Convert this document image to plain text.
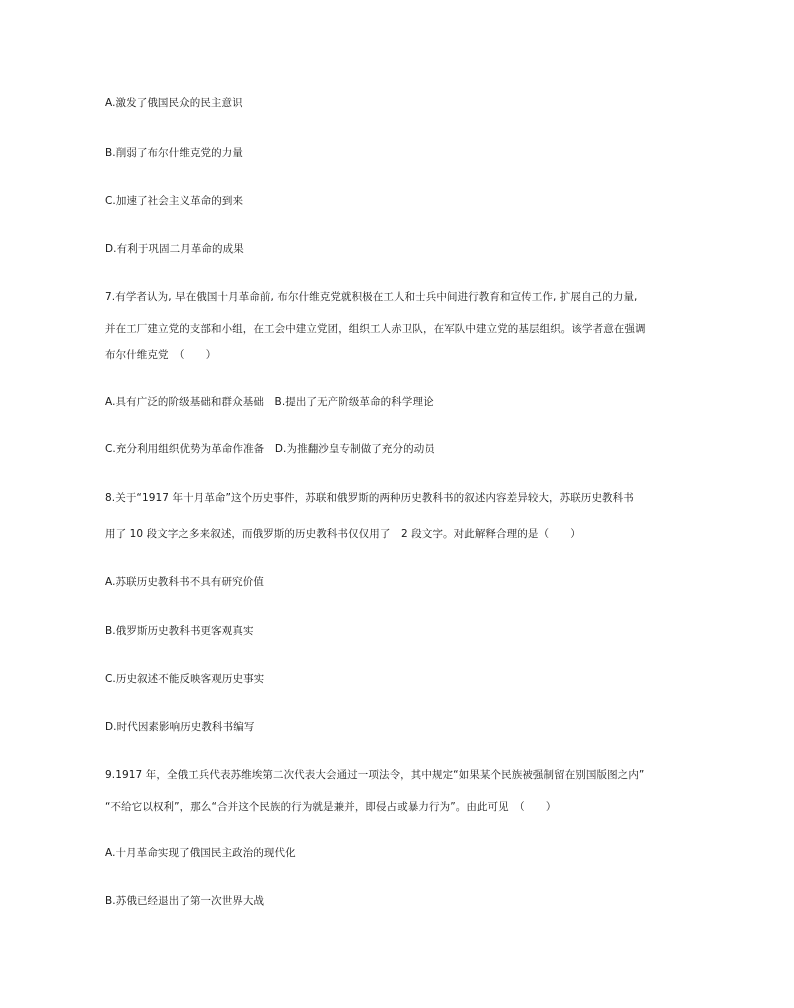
A.激发了俄国民众的民主意识
B.削弱了布尔什维克党的力量
C.加速了社会主义革命的到来
D.有利于巩固二月革命的成果
7.有学者认为, 早在俄国十月革命前, 布尔什维克党就积极在工人和士兵中间进行教育和宣传工作, 扩展自己的力量,
并在工厂建立党的支部和小组，在工会中建立党团，组织工人赤卫队，在军队中建立党的基层组织。该学者意在强调
布尔什维克党　（　　）
A.具有广泛的阶级基础和群众基础　B.提出了无产阶级革命的科学理论
C.充分利用组织优势为革命作准备　D.为推翻沙皇专制做了充分的动员
8.关于“1917 年十月革命”这个历史事件，苏联和俄罗斯的两种历史教科书的叙述内容差异较大，苏联历史教科书
用了 10 段文字之多来叙述，而俄罗斯的历史教科书仅仅用了　2 段文字。对此解释合理的是（　　）
A.苏联历史教科书不具有研究价值
B.俄罗斯历史教科书更客观真实
C.历史叙述不能反映客观历史事实
D.时代因素影响历史教科书编写
9.1917 年，全俄工兵代表苏维埃第二次代表大会通过一项法令，其中规定“如果某个民族被强制留在别国版图之内”
“不给它以权利”，那么“合并这个民族的行为就是兼并，即侵占或暴力行为”。由此可见　（　　）
A.十月革命实现了俄国民主政治的现代化
B.苏俄已经退出了第一次世界大战
